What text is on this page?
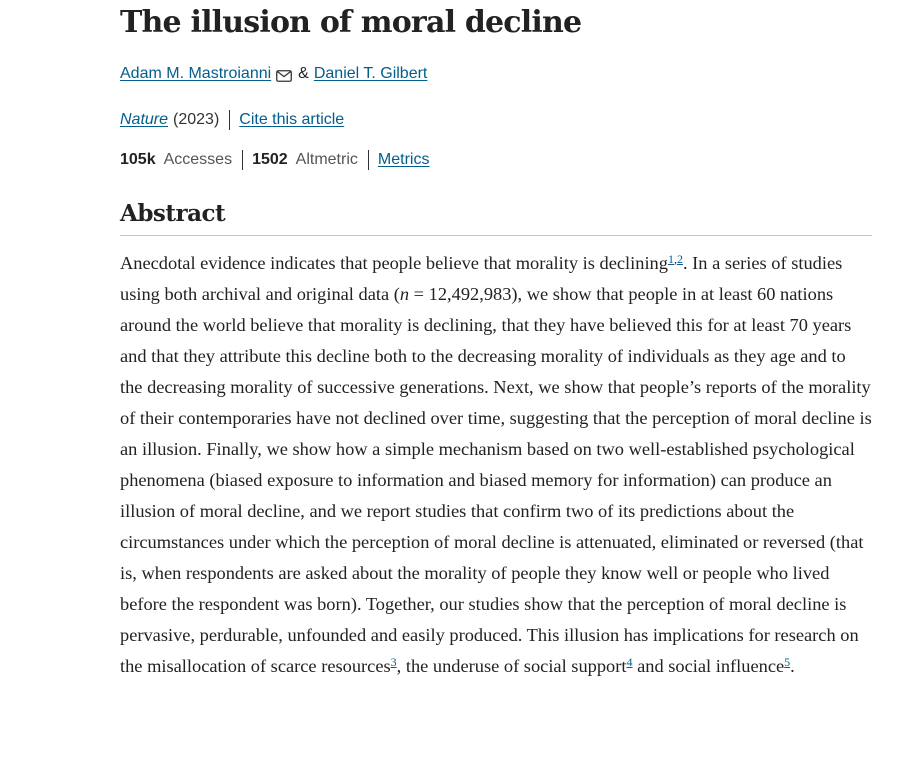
The illusion of moral decline
Adam M. Mastroianni & Daniel T. Gilbert
Nature (2023) Cite this article
105k Accesses 1502 Altmetric Metrics
Abstract

Anecdotal evidence indicates that people believe that morality is declining$^{1,2}$. In a series of studies using both archival and original data (n = 12,492,983), we show that people in at least 60 nations around the world believe that morality is declining, that they have believed this for at least 70 years and that they attribute this decline both to the decreasing morality of individuals as they age and to the decreasing morality of successive generations. Next, we show that people’s reports of the morality of their contemporaries have not declined over time, suggesting that the perception of moral decline is an illusion. Finally, we show how a simple mechanism based on two well-established psychological phenomena (biased exposure to information and biased memory for information) can produce an illusion of moral decline, and we report studies that confirm two of its predictions about the circumstances under which the perception of moral decline is attenuated, eliminated or reversed (that is, when respondents are asked about the morality of people they know well or people who lived before the respondent was born). Together, our studies show that the perception of moral decline is pervasive, perdurable, unfounded and easily produced. This illusion has implications for research on the misallocation of scarce resources$^3$, the underuse of social support$^4$ and social influence$^5$.
